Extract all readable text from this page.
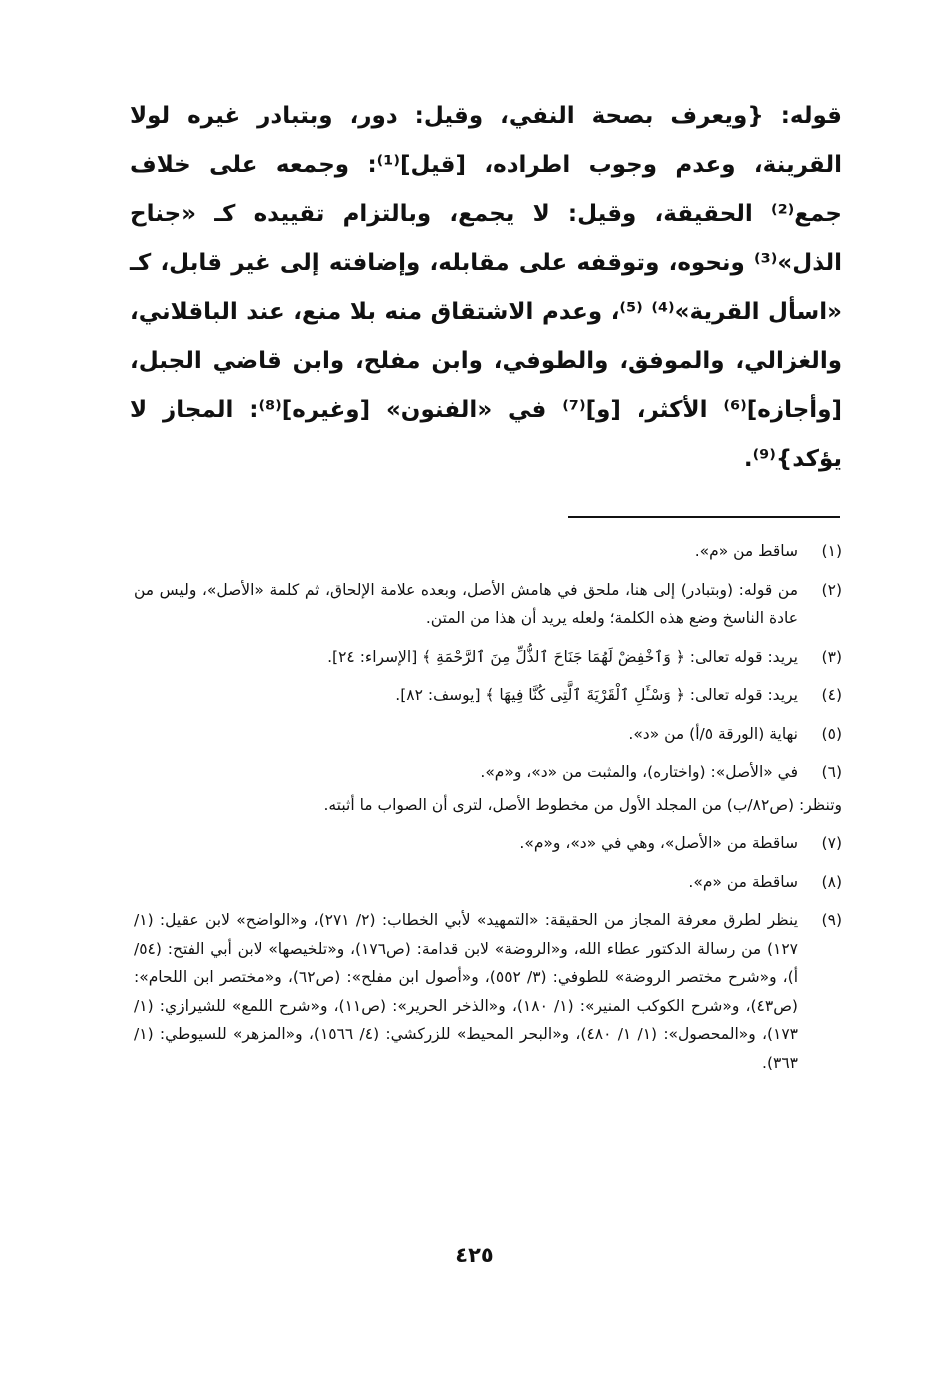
قوله: {ويعرف بصحة النفي، وقيل: دور، وبتبادر غيره لولا القرينة، وعدم وجوب اطراده، [قيل]⁽¹⁾: وجمعه على خلاف جمع⁽²⁾ الحقيقة، وقيل: لا يجمع، وبالتزام تقييده كـ «جناح الذل»⁽³⁾ ونحوه، وتوقفه على مقابله، وإضافته إلى غير قابل، كـ «اسأل القرية»⁽⁴⁾ ⁽⁵⁾، وعدم الاشتقاق منه بلا منع، عند الباقلاني، والغزالي، والموفق، والطوفي، وابن مفلح، وابن قاضي الجبل، [وأجازه]⁽⁶⁾ الأكثر، [و]⁽⁷⁾ في «الفنون» [وغيره]⁽⁸⁾: المجاز لا يؤكد}⁽⁹⁾.

(١)
ساقط من «م».
(٢)
من قوله: (وبتبادر) إلى هنا، ملحق في هامش الأصل، وبعده علامة الإلحاق، ثم كلمة «الأصل»، وليس من عادة الناسخ وضع هذه الكلمة؛ ولعله يريد أن هذا من المتن.
(٣)
يريد: قوله تعالى: ﴿ وَٱخْفِضْ لَهُمَا جَنَاحَ ٱلذُّلِّ مِنَ ٱلرَّحْمَةِ ﴾ [الإسراء: ٢٤].
(٤)
يريد: قوله تعالى: ﴿ وَسْـَٔلِ ٱلْقَرْيَةَ ٱلَّتِى كُنَّا فِيهَا ﴾ [يوسف: ٨٢].
(٥)
نهاية (الورقة ٥/أ) من «د».
(٦)
في «الأصل»: (واختاره)، والمثبت من «د»، و«م».
وتنظر: (ص٨٢/ب) من المجلد الأول من مخطوط الأصل، لترى أن الصواب ما أثبته.
(٧)
ساقطة من «الأصل»، وهي في «د»، و«م».
(٨)
ساقطة من «م».
(٩)
ينظر لطرق معرفة المجاز من الحقيقة: «التمهيد» لأبي الخطاب: (٢/ ٢٧١)، و«الواضح» لابن عقيل: (١/ ١٢٧) من رسالة الدكتور عطاء الله، و«الروضة» لابن قدامة: (ص١٧٦)، و«تلخيصها» لابن أبي الفتح: (٥٤/أ)، و«شرح مختصر الروضة» للطوفي: (٣/ ٥٥٢)، و«أصول ابن مفلح»: (ص٦٢)، و«مختصر ابن اللحام»: (ص٤٣)، و«شرح الكوكب المنير»: (١/ ١٨٠)، و«الذخر الحرير»: (ص١١)، و«شرح اللمع» للشيرازي: (١/ ١٧٣)، و«المحصول»: (١/ ١/ ٤٨٠)، و«البحر المحيط» للزركشي: (٤/ ١٥٦٦)، و«المزهر» للسيوطي: (١/ ٣٦٣).
٤٢٥
